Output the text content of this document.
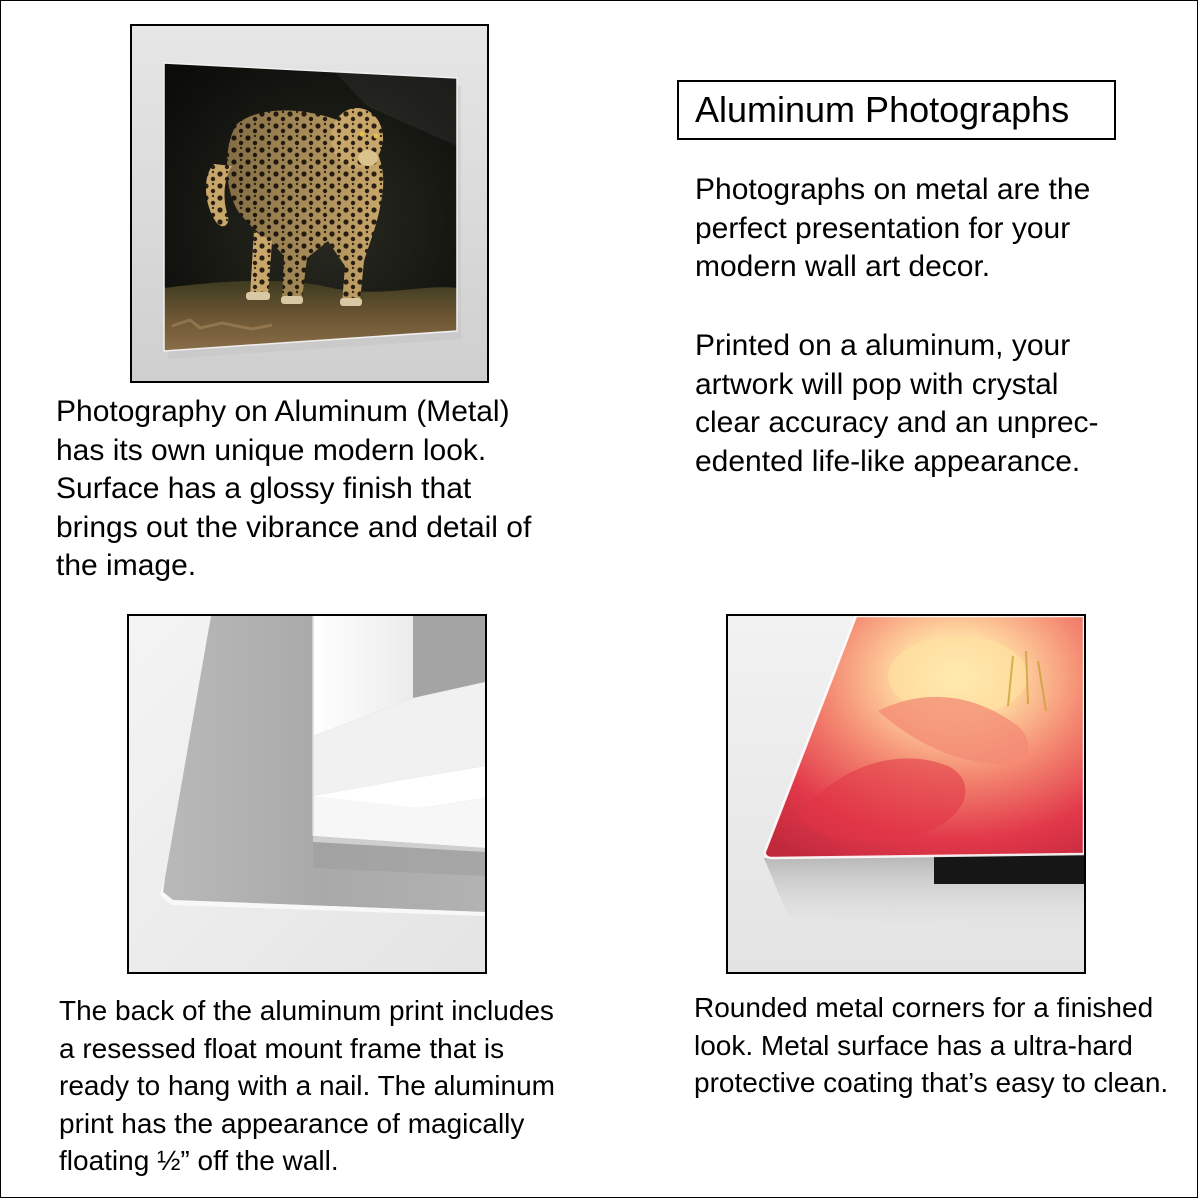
Aluminum Photographs

Photographs on metal are the
perfect presentation for your
modern wall art decor.

Printed on a aluminum, your
artwork will pop with crystal
clear accuracy and an unprec-
edented life-like appearance.

Photography on Aluminum (Metal)
has its own unique modern look.
Surface has a glossy finish that
brings out the vibrance and detail of
the image.

The back of the aluminum print includes
a resessed float mount frame that is
ready to hang with a nail. The aluminum
print has the appearance of magically
floating ½” off the wall.

Rounded metal corners for a finished
look. Metal surface has a ultra-hard
protective coating that’s easy to clean.
